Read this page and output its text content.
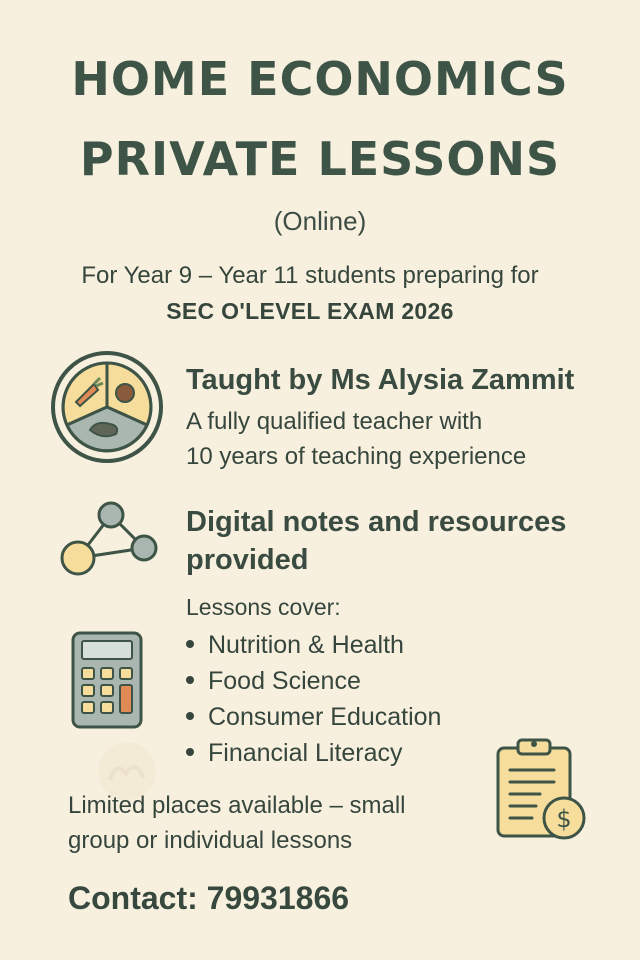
HOME ECONOMICS
PRIVATE LESSONS
(Online)
For Year 9 – Year 11 students preparing for
SEC O'LEVEL EXAM 2026
Taught by Ms Alysia Zammit
A fully qualified teacher with
10 years of teaching experience
Digital notes and resources
provided
Lessons cover:
Nutrition & Health
Food Science
Consumer Education
Financial Literacy
$
Limited places available – small
group or individual lessons
Contact: 79931866
